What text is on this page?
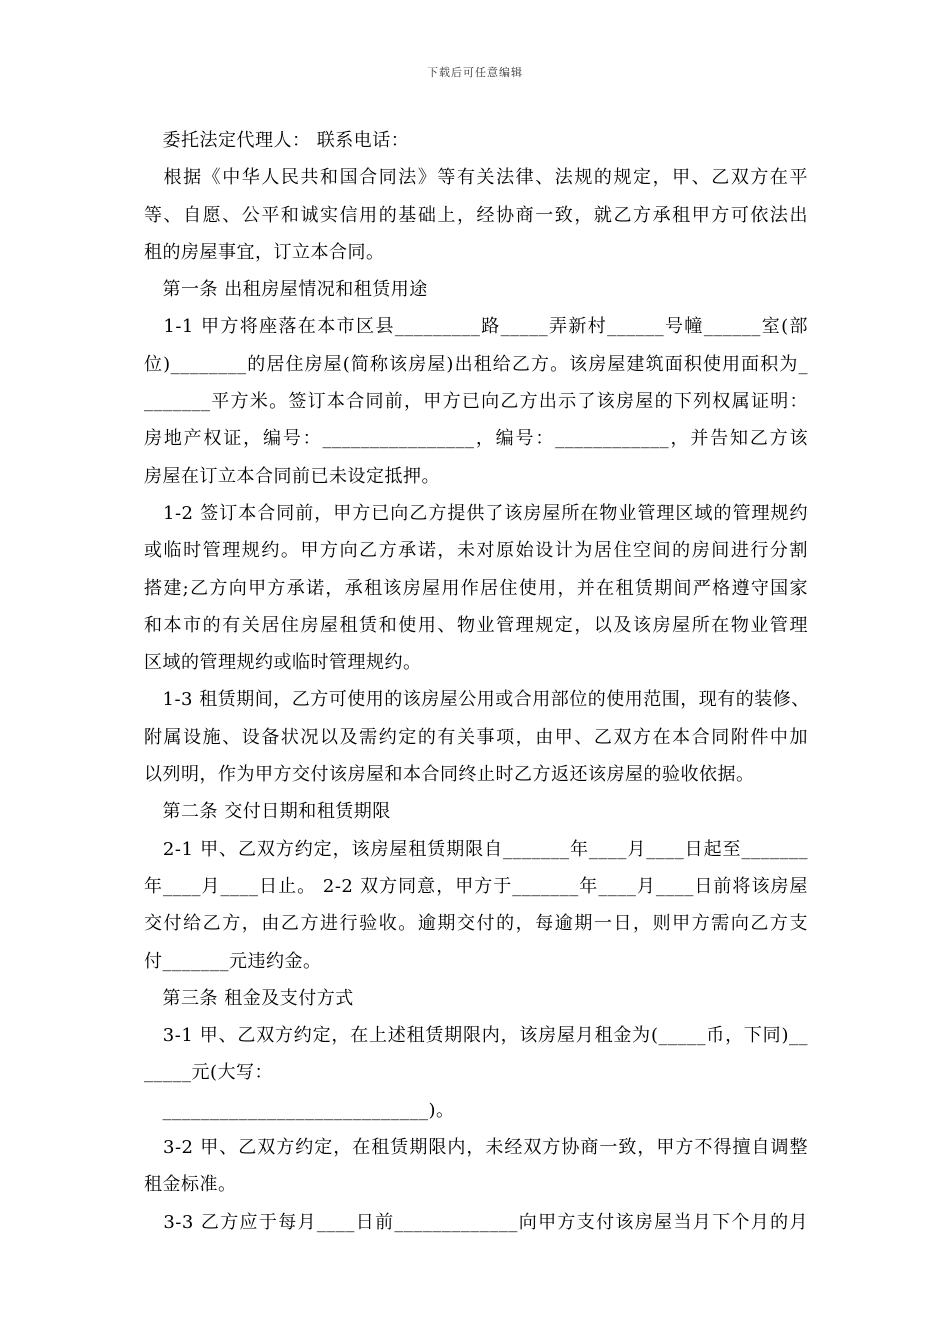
下载后可任意编辑
　委托法定代理人： 联系电话：
　根据《中华人民共和国合同法》等有关法律、法规的规定，甲、乙双方在平
等、自愿、公平和诚实信用的基础上，经协商一致，就乙方承租甲方可依法出
租的房屋事宜，订立本合同。
　第一条 出租房屋情况和租赁用途
　1-1 甲方将座落在本市区县_________路_____弄新村______号幢______室(部
位)________的居住房屋(简称该房屋)出租给乙方。该房屋建筑面积使用面积为_
_______平方米。签订本合同前，甲方已向乙方出示了该房屋的下列权属证明：
房地产权证，编号：________________，编号：____________，并告知乙方该
房屋在订立本合同前已未设定抵押。
　1-2 签订本合同前，甲方已向乙方提供了该房屋所在物业管理区域的管理规约
或临时管理规约。甲方向乙方承诺，未对原始设计为居住空间的房间进行分割
搭建;乙方向甲方承诺，承租该房屋用作居住使用，并在租赁期间严格遵守国家
和本市的有关居住房屋租赁和使用、物业管理规定，以及该房屋所在物业管理
区域的管理规约或临时管理规约。
　1-3 租赁期间，乙方可使用的该房屋公用或合用部位的使用范围，现有的装修、
附属设施、设备状况以及需约定的有关事项，由甲、乙双方在本合同附件中加
以列明，作为甲方交付该房屋和本合同终止时乙方返还该房屋的验收依据。
　第二条 交付日期和租赁期限
　2-1 甲、乙双方约定，该房屋租赁期限自_______年____月____日起至_______
年____月____日止。 2-2 双方同意，甲方于_______年____月____日前将该房屋
交付给乙方，由乙方进行验收。逾期交付的，每逾期一日，则甲方需向乙方支
付_______元违约金。
　第三条 租金及支付方式
　3-1 甲、乙双方约定，在上述租赁期限内，该房屋月租金为(_____币，下同)__
_____元(大写：
　____________________________)。
　3-2 甲、乙双方约定，在租赁期限内，未经双方协商一致，甲方不得擅自调整
租金标准。
　3-3 乙方应于每月____日前_____________向甲方支付该房屋当月下个月的月
